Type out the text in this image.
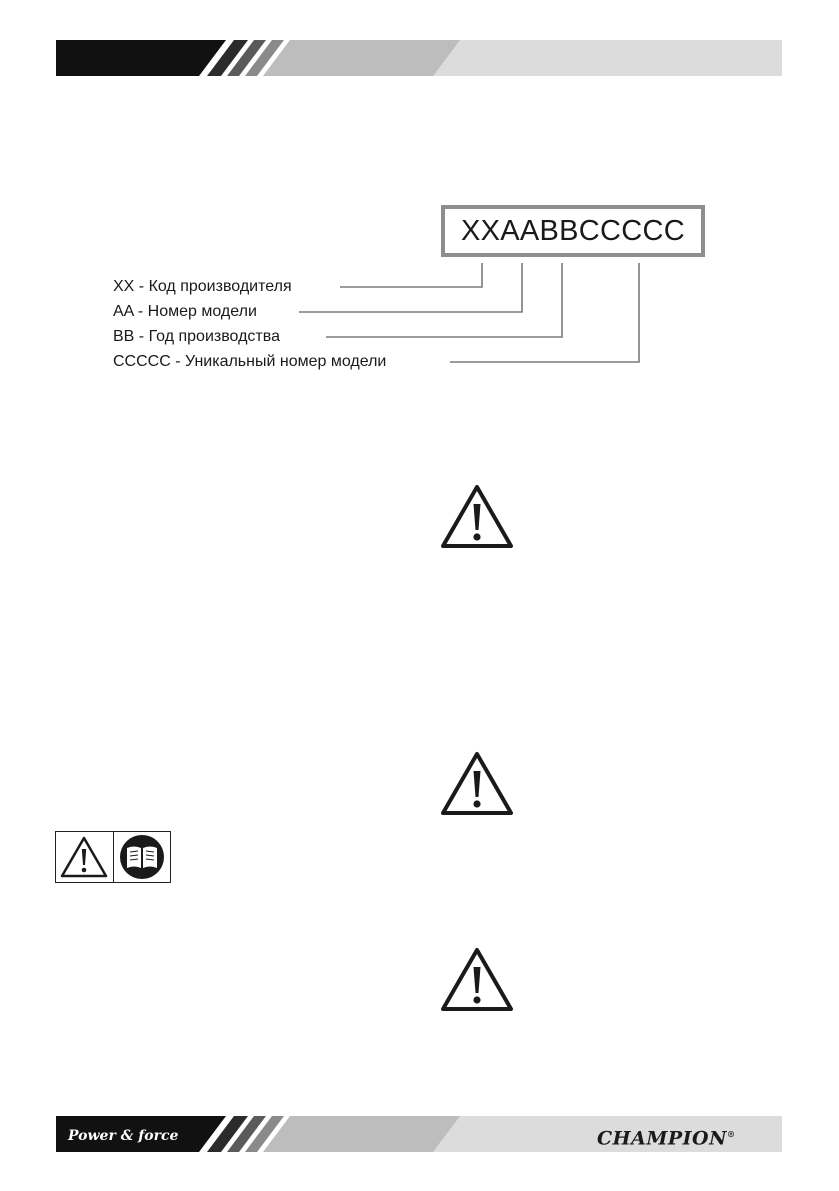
XXAABBCCCCC
XX - Код производителя
AA - Номер модели
BB - Год производства
CCCCC - Уникальный номер модели
Power & force	CHAMPION®
